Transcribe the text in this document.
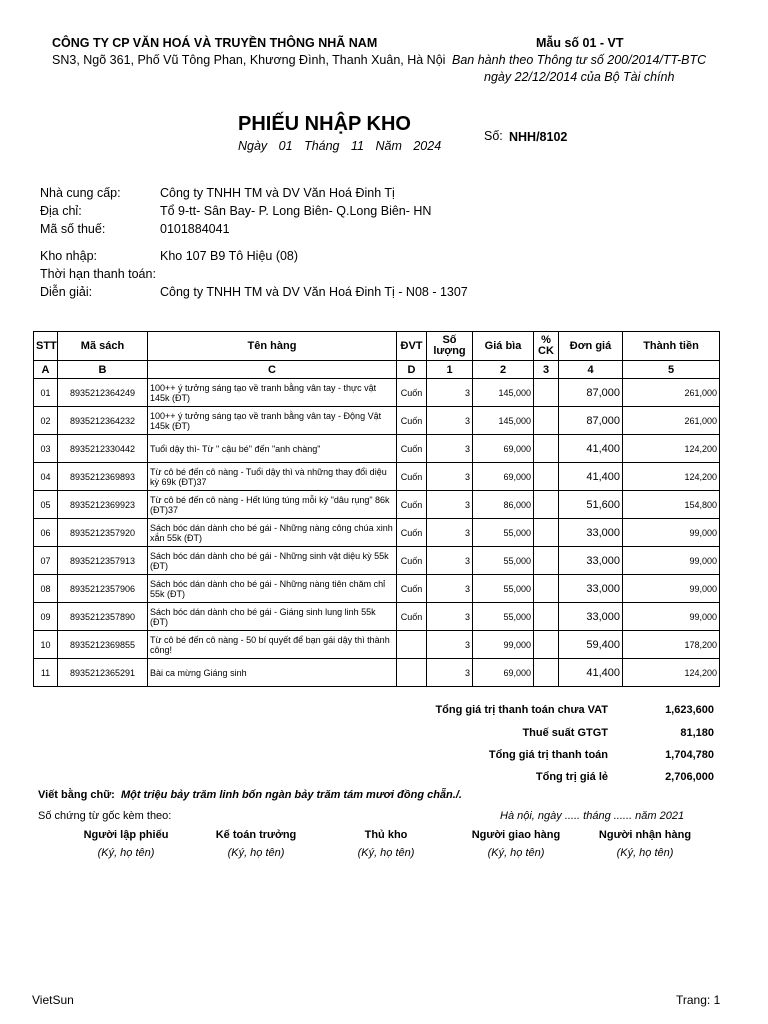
CÔNG TY CP VĂN HOÁ VÀ TRUYỀN THÔNG NHÃ NAM
SN3, Ngõ 361, Phố Vũ Tông Phan, Khương Đình, Thanh Xuân, Hà Nội
Mẫu số 01 - VT
Ban hành theo Thông tư số 200/2014/TT-BTC
ngày 22/12/2014 của Bộ Tài chính
PHIẾU NHẬP KHO
Ngày 01 Tháng 11 Năm 2024
Số: NHH/8102
Nhà cung cấp:	Công ty TNHH TM và DV Văn Hoá Đinh Tị
Địa chỉ:	Tổ 9-tt- Sân Bay- P. Long Biên- Q.Long Biên- HN
Mã số thuế:	0101884041
Kho nhập:	Kho 107 B9 Tô Hiệu (08)
Thời hạn thanh toán:
Diễn giải:	Công ty TNHH TM và DV Văn Hoá Đinh Tị - N08 - 1307
STT	Mã sách	Tên hàng	ĐVT	Số lượng	Giá bìa	% CK	Đơn giá	Thành tiền
A	B	C	D	1	2	3	4	5
01	8935212364249	100++ ý tưởng sáng tạo về tranh bằng vân tay - thực vật 145k (ĐT)	Cuốn	3	145,000		87,000	261,000
02	8935212364232	100++ ý tưởng sáng tạo về tranh bằng vân tay - Động Vật 145k (ĐT)	Cuốn	3	145,000		87,000	261,000
03	8935212330442	Tuổi dậy thì- Từ " cậu bé" đến "anh chàng"	Cuốn	3	69,000		41,400	124,200
04	8935212369893	Từ cô bé đến cô nàng - Tuổi dậy thì và những thay đổi diệu kỳ 69k (ĐT)37	Cuốn	3	69,000		41,400	124,200
05	8935212369923	Từ cô bé đến cô nàng - Hết lúng túng mỗi kỳ "dâu rụng" 86k (ĐT)37	Cuốn	3	86,000		51,600	154,800
06	8935212357920	Sách bóc dán dành cho bé gái - Những nàng công chúa xinh xắn 55k (ĐT)	Cuốn	3	55,000		33,000	99,000
07	8935212357913	Sách bóc dán dành cho bé gái - Những sinh vật diệu kỳ 55k (ĐT)	Cuốn	3	55,000		33,000	99,000
08	8935212357906	Sách bóc dán dành cho bé gái - Những nàng tiên chăm chỉ 55k (ĐT)	Cuốn	3	55,000		33,000	99,000
09	8935212357890	Sách bóc dán dành cho bé gái - Giáng sinh lung linh 55k (ĐT)	Cuốn	3	55,000		33,000	99,000
10	8935212369855	Từ cô bé đến cô nàng - 50 bí quyết để bạn gái dậy thì thành công!		3	99,000		59,400	178,200
11	8935212365291	Bài ca mừng Giáng sinh		3	69,000		41,400	124,200
Tổng giá trị thanh toán chưa VAT	1,623,600
Thuế suất GTGT	81,180
Tổng giá trị thanh toán	1,704,780
Tổng trị giá lẻ	2,706,000
Viết bằng chữ: Một triệu bảy trăm linh bốn ngàn bảy trăm tám mươi đồng chẵn./.
Số chứng từ gốc kèm theo:	Hà nội, ngày ..... tháng ...... năm 2021
Người lập phiếu
(Ký, họ tên)
Kế toán trưởng
(Ký, họ tên)
Thủ kho
(Ký, họ tên)
Người giao hàng
(Ký, họ tên)
Người nhận hàng
(Ký, họ tên)
VietSun	Trang: 1
